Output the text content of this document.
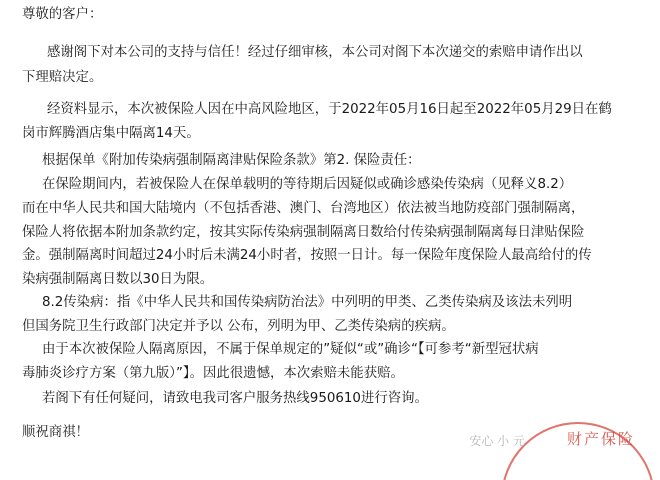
尊敬的客户：
感谢阁下对本公司的支持与信任！经过仔细审核，本公司对阁下本次递交的索赔申请作出以
下理赔决定。
经资料显示，本次被保险人因在中高风险地区，于2022年05月16日起至2022年05月29日在鹤
岗市辉腾酒店集中隔离14天。
根据保单《附加传染病强制隔离津贴保险条款》第2. 保险责任：
在保险期间内，若被保险人在保单载明的等待期后因疑似或确诊感染传染病（见释义8.2）
而在中华人民共和国大陆境内（不包括香港、澳门、台湾地区）依法被当地防疫部门强制隔离，
保险人将依据本附加条款约定，按其实际传染病强制隔离日数给付传染病强制隔离每日津贴保险
金。强制隔离时间超过24小时后未满24小时者，按照一日计。每一保险年度保险人最高给付的传
染病强制隔离日数以30日为限。
8.2传染病：指《中华人民共和国传染病防治法》中列明的甲类、乙类传染病及该法未列明
但国务院卫生行政部门决定并予以 公布，列明为甲、乙类传染病的疾病。
由于本次被保险人隔离原因，不属于保单规定的”疑似“或”确诊“【可参考“新型冠状病
毒肺炎诊疗方案（第九版）”】。因此很遗憾，本次索赔未能获赔。
若阁下有任何疑问，请致电我司客户服务热线950610进行咨询。
顺祝商祺！
安心 小 元	财产保险
